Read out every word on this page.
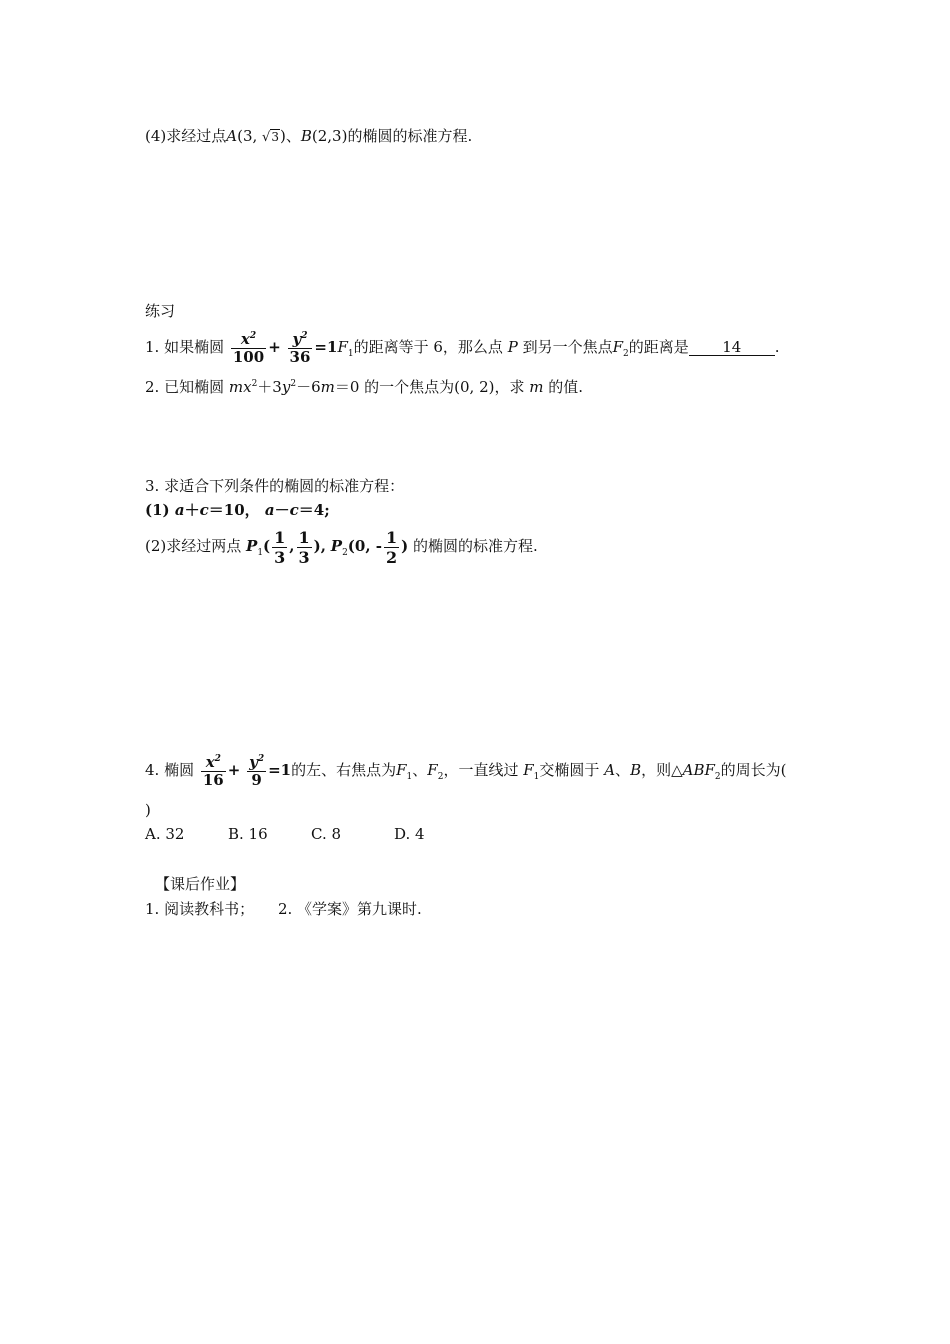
(4)求经过点A(3, √3)、B(2,3)的椭圆的标准方程.
练习
1. 如果椭圆 $\frac{x^2}{100} + \frac{y^2}{36} =1F_1$的距离等于 6，那么点 P 到另一个焦点$F_2$的距离是 14 .
2. 已知椭圆 $mx^2+3y^2-6m=0$ 的一个焦点为(0, 2)，求 m 的值.
3. 求适合下列条件的椭圆的标准方程：
(1) a＋c＝10， a－c＝4;
(2)求经过两点 $P_1( \frac{1}{3}$ , $\frac{1}{3}$ ), $P_2(0$, - $\frac{1}{2}$ ) 的椭圆的标准方程.
4. 椭圆 $\frac{x^2}{16} + \frac{y^2}{9} =1$的左、右焦点为$F_1$、$F_2$，一直线过 $F_1$交椭圆于 A、B，则$\triangle ABF_2$的周长为(
)
A. 32	B. 16	C. 8	D. 4
【课后作业】
1. 阅读教科书； 2. 《学案》第九课时.
